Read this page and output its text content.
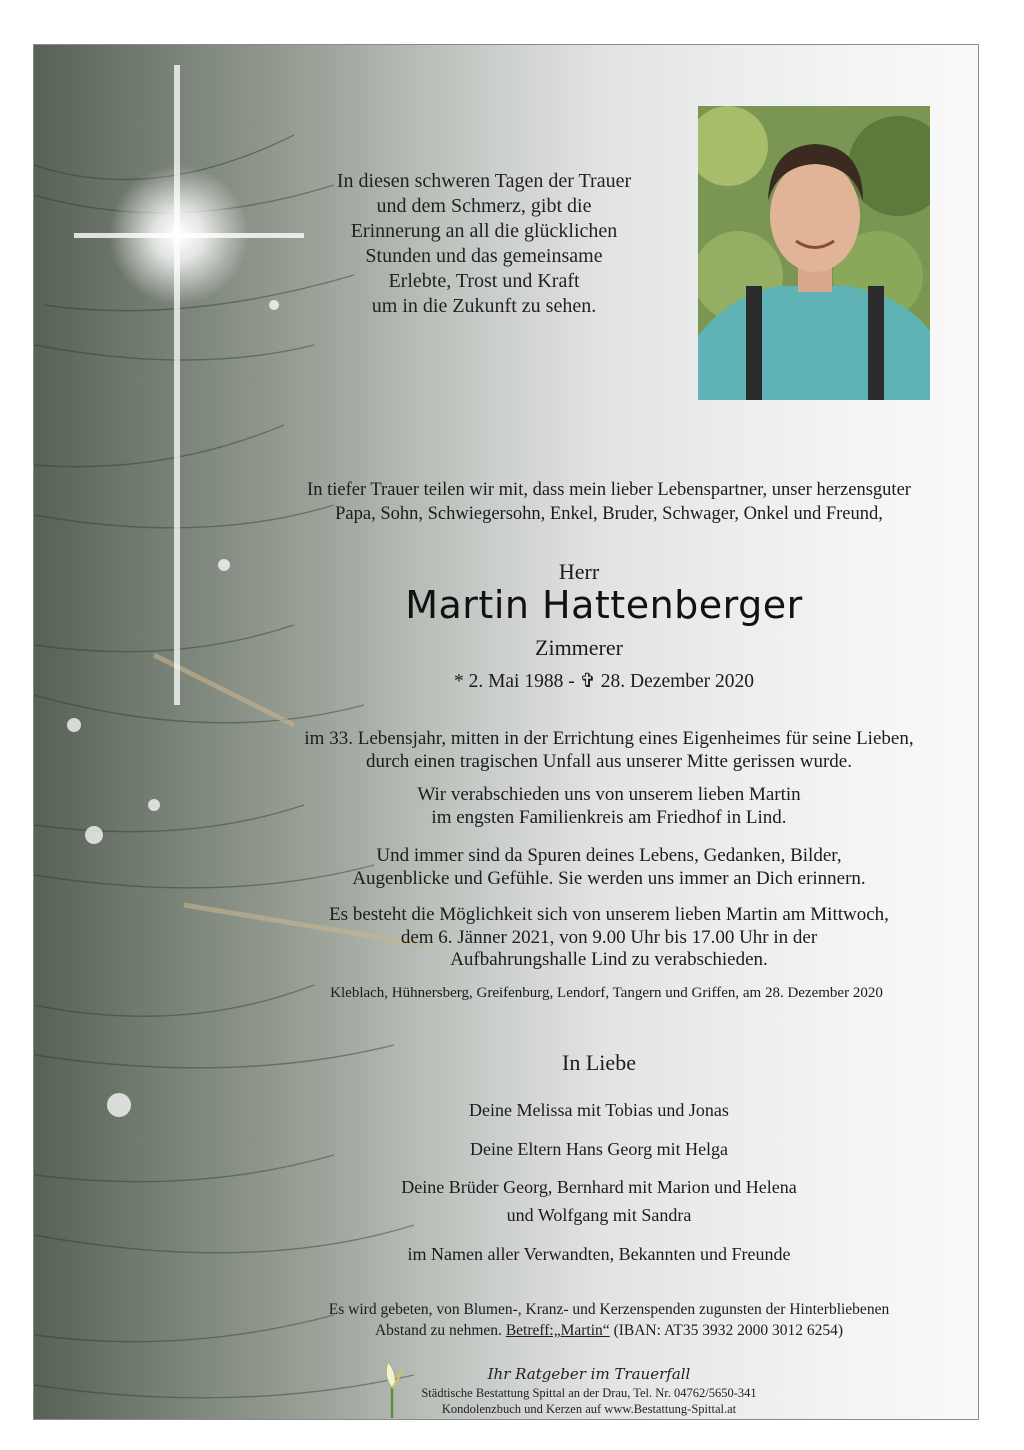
In diesen schweren Tagen der Trauer
und dem Schmerz, gibt die
Erinnerung an all die glücklichen
Stunden und das gemeinsame
Erlebte, Trost und Kraft
um in die Zukunft zu sehen.
In tiefer Trauer teilen wir mit, dass mein lieber Lebenspartner, unser herzensguter
Papa, Sohn, Schwiegersohn, Enkel, Bruder, Schwager, Onkel und Freund,
Herr
Martin Hattenberger
Zimmerer
* 2. Mai 1988 - ✞ 28. Dezember 2020
im 33. Lebensjahr, mitten in der Errichtung eines Eigenheimes für seine Lieben,
durch einen tragischen Unfall aus unserer Mitte gerissen wurde.
Wir verabschieden uns von unserem lieben Martin
im engsten Familienkreis am Friedhof in Lind.
Und immer sind da Spuren deines Lebens, Gedanken, Bilder,
Augenblicke und Gefühle. Sie werden uns immer an Dich erinnern.
Es besteht die Möglichkeit sich von unserem lieben Martin am Mittwoch,
dem 6. Jänner 2021, von 9.00 Uhr bis 17.00 Uhr in der
Aufbahrungshalle Lind zu verabschieden.
Kleblach, Hühnersberg, Greifenburg, Lendorf, Tangern und Griffen, am 28. Dezember 2020
In Liebe
Deine Melissa mit Tobias und Jonas
Deine Eltern Hans Georg mit Helga
Deine Brüder Georg, Bernhard mit Marion und Helena
und Wolfgang mit Sandra
im Namen aller Verwandten, Bekannten und Freunde
Es wird gebeten, von Blumen-, Kranz- und Kerzenspenden zugunsten der Hinterbliebenen
Abstand zu nehmen. Betreff:„Martin“ (IBAN: AT35 3932 2000 3012 6254)
Ihr Ratgeber im Trauerfall
Städtische Bestattung Spittal an der Drau, Tel. Nr. 04762/5650-341
Kondolenzbuch und Kerzen auf www.Bestattung-Spittal.at
